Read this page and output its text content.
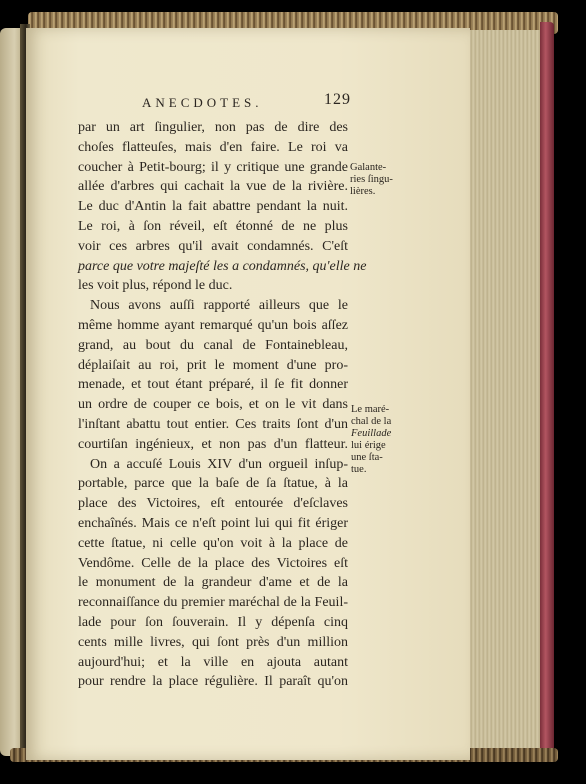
ANECDOTES.	129
par un art ſingulier, non pas de dire des
choſes flatteuſes, mais d'en faire. Le roi va
coucher à Petit-bourg; il y critique une grande
allée d'arbres qui cachait la vue de la rivière.
Le duc d'Antin la fait abattre pendant la nuit.
Le roi, à ſon réveil, eſt étonné de ne plus
voir ces arbres qu'il avait condamnés. C'eſt
parce que votre majeſté les a condamnés, qu'elle ne
les voit plus, répond le duc.
Nous avons auſſi rapporté ailleurs que le
même homme ayant remarqué qu'un bois aſſez
grand, au bout du canal de Fontainebleau,
déplaiſait au roi, prit le moment d'une pro-
menade, et tout étant préparé, il ſe fit donner
un ordre de couper ce bois, et on le vit dans
l'inſtant abattu tout entier. Ces traits ſont d'un
courtiſan ingénieux, et non pas d'un flatteur.
On a accuſé Louis XIV d'un orgueil inſup-
portable, parce que la baſe de ſa ſtatue, à la
place des Victoires, eſt entourée d'eſclaves
enchaînés. Mais ce n'eſt point lui qui fit ériger
cette ſtatue, ni celle qu'on voit à la place de
Vendôme. Celle de la place des Victoires eſt
le monument de la grandeur d'ame et de la
reconnaiſſance du premier maréchal de la Feuil-
lade pour ſon ſouverain. Il y dépenſa cinq
cents mille livres, qui ſont près d'un million
aujourd'hui; et la ville en ajouta autant
pour rendre la place régulière. Il paraît qu'on
Galante-
ries ſingu-
lières.
Le maré-
chal de la
Feuillade
lui érige
une ſta-
tue.
